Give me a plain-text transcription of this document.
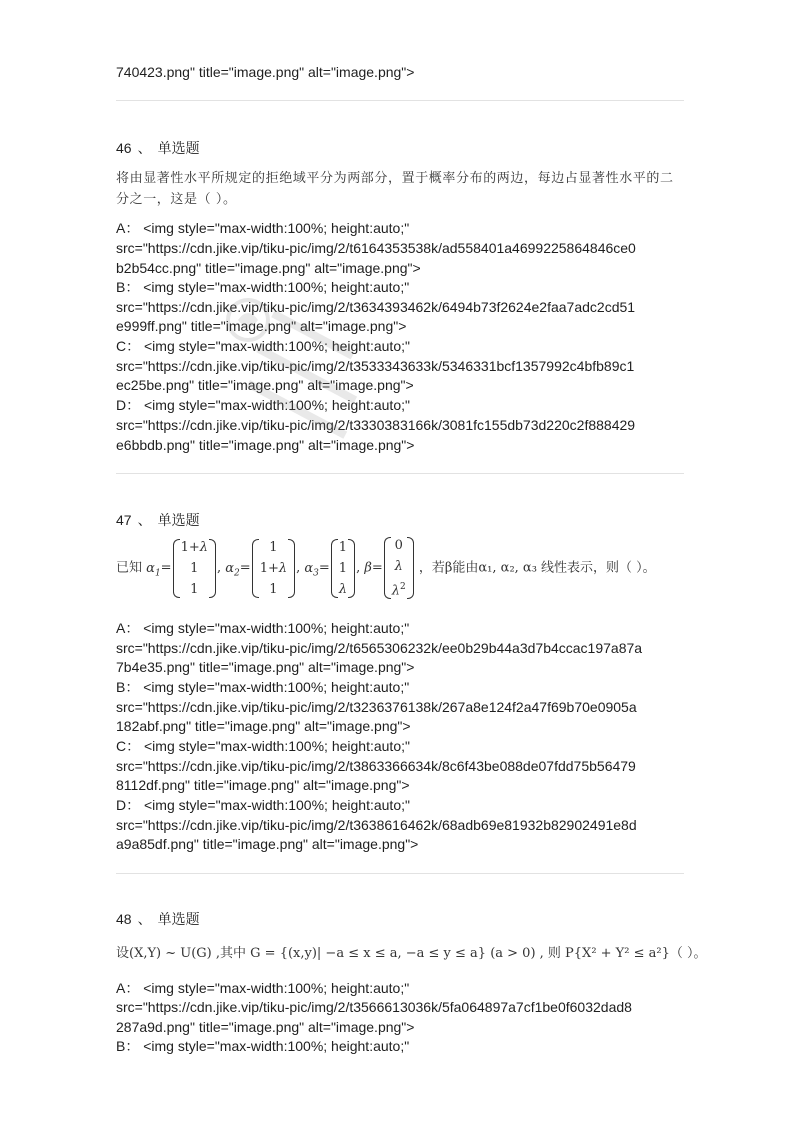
740423.png" title="image.png" alt="image.png">
46 、 单选题
将由显著性水平所规定的拒绝域平分为两部分，置于概率分布的两边，每边占显著性水平的二
分之一，这是（ ）。
A： <img style="max-width:100%; height:auto;"
src="https://cdn.jike.vip/tiku-pic/img/2/t6164353538k/ad558401a4699225864846ce0
b2b54cc.png" title="image.png" alt="image.png">
B： <img style="max-width:100%; height:auto;"
src="https://cdn.jike.vip/tiku-pic/img/2/t3634393462k/6494b73f2624e2faa7adc2cd51
e999ff.png" title="image.png" alt="image.png">
C： <img style="max-width:100%; height:auto;"
src="https://cdn.jike.vip/tiku-pic/img/2/t3533343633k/5346331bcf1357992c4bfb89c1
ec25be.png" title="image.png" alt="image.png">
D： <img style="max-width:100%; height:auto;"
src="https://cdn.jike.vip/tiku-pic/img/2/t3330383166k/3081fc155db73d220c2f888429
e6bbdb.png" title="image.png" alt="image.png">
47 、 单选题
已知 $\alpha_1=$
1+λ
1
1
, $\alpha_2=$
1
1+λ
1
, $\alpha_3=$
1
1
λ
, β=
0
λ
$\lambda^2$
，若β能由α₁, α₂, α₃ 线性表示，则（ ）。
A： <img style="max-width:100%; height:auto;"
src="https://cdn.jike.vip/tiku-pic/img/2/t6565306232k/ee0b29b44a3d7b4ccac197a87a
7b4e35.png" title="image.png" alt="image.png">
B： <img style="max-width:100%; height:auto;"
src="https://cdn.jike.vip/tiku-pic/img/2/t3236376138k/267a8e124f2a47f69b70e0905a
182abf.png" title="image.png" alt="image.png">
C： <img style="max-width:100%; height:auto;"
src="https://cdn.jike.vip/tiku-pic/img/2/t3863366634k/8c6f43be088de07fdd75b56479
8112df.png" title="image.png" alt="image.png">
D： <img style="max-width:100%; height:auto;"
src="https://cdn.jike.vip/tiku-pic/img/2/t3638616462k/68adb69e81932b82902491e8d
a9a85df.png" title="image.png" alt="image.png">
48 、 单选题
设(X,Y) ~ U(G) ,其中 G = {(x,y)| −a ≤ x ≤ a, −a ≤ y ≤ a} (a > 0) , 则 P{X² + Y² ≤ a²}（ ）。
A： <img style="max-width:100%; height:auto;"
src="https://cdn.jike.vip/tiku-pic/img/2/t3566613036k/5fa064897a7cf1be0f6032dad8
287a9d.png" title="image.png" alt="image.png">
B： <img style="max-width:100%; height:auto;"
